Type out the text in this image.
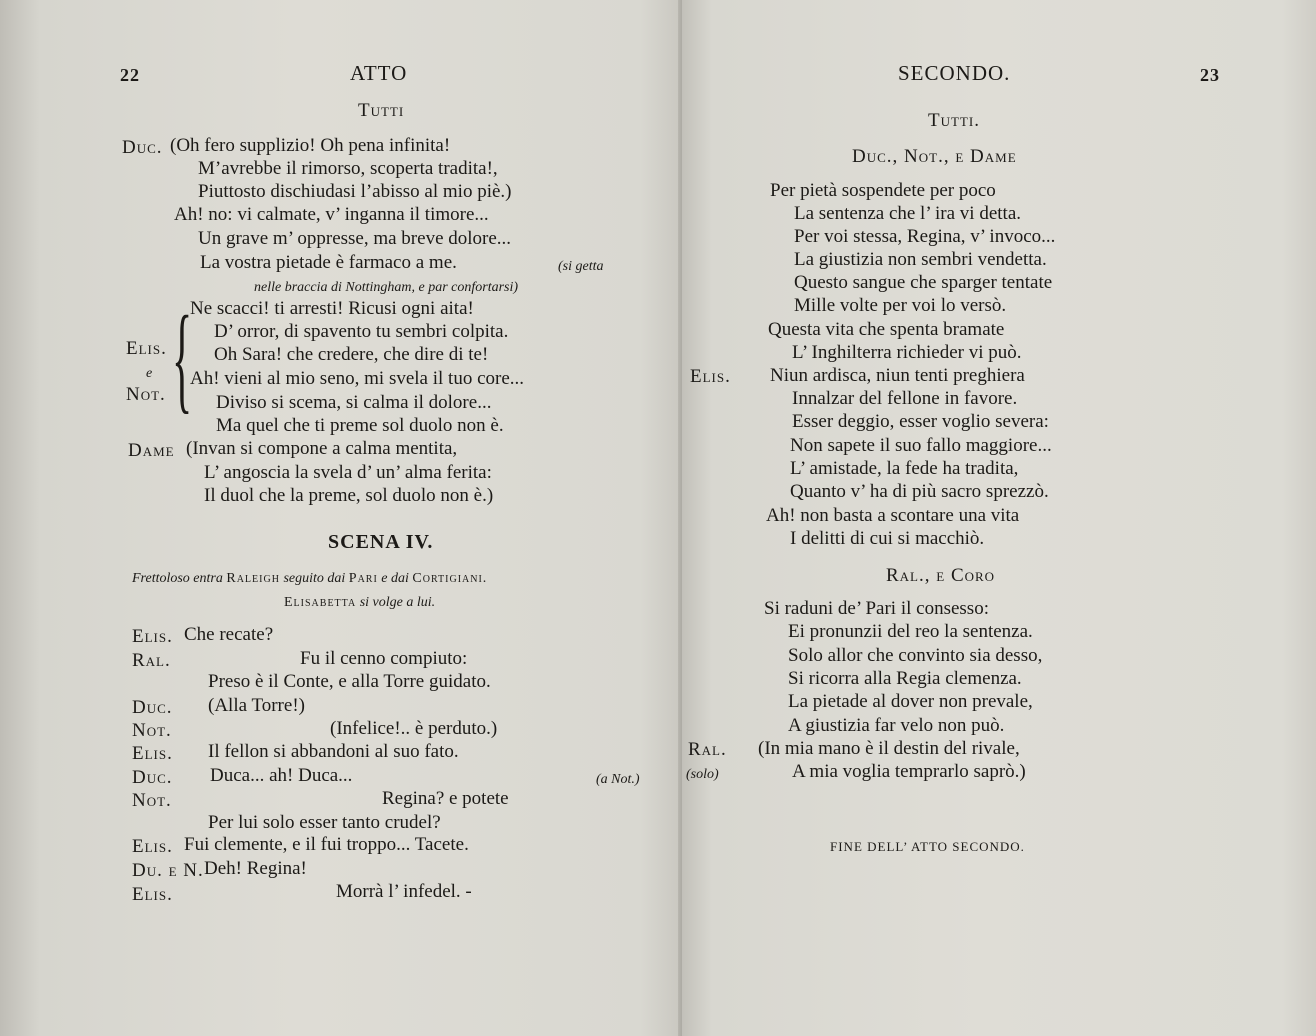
22	ATTO
Tutti
Duc. (Oh fero supplizio! Oh pena infinita!
M’avrebbe il rimorso, scoperta tradita!,
Piuttosto dischiudasi l’abisso al mio piè.)
Ah! no: vi calmate, v’ inganna il timore...
Un grave m’ oppresse, ma breve dolore...
La vostra pietade è farmaco a me.	(si getta
nelle braccia di Nottingham, e par confortarsi)
{
Ne scacci! ti arresti! Ricusi ogni aita!
D’ orror, di spavento tu sembri colpita.
Elis. Oh Sara! che credere, che dire di te!
e Ah! vieni al mio seno, mi svela il tuo core...
Not.	Diviso si scema, si calma il dolore...
Ma quel che ti preme sol duolo non è.
Dame (Invan si compone a calma mentita,
L’ angoscia la svela d’ un’ alma ferita:
Il duol che la preme, sol duolo non è.)
SCENA IV.
Frettoloso entra Raleigh seguito dai Pari e dai Cortigiani.
Elisabetta si volge a lui.
Elis. Che recate?
Ral.	Fu il cenno compiuto:
Preso è il Conte, e alla Torre guidato.
Duc. (Alla Torre!)
Not.	(Infelice!.. è perduto.)
Elis. Il fellon si abbandoni al suo fato.
Duc. Duca... ah! Duca...	(a Not.)
Not.	Regina? e potete
Per lui solo esser tanto crudel?
Elis. Fui clemente, e il fui troppo... Tacete.
Du. e N. Deh! Regina!
Elis.	Morrà l’ infedel. -
SECONDO.	23
Tutti.
Duc., Not., e Dame
Per pietà sospendete per poco
La sentenza che l’ ira vi detta.
Per voi stessa, Regina, v’ invoco...
La giustizia non sembri vendetta.
Questo sangue che sparger tentate
Mille volte per voi lo versò.
Questa vita che spenta bramate
L’ Inghilterra richieder vi può.
Elis. Niun ardisca, niun tenti preghiera
Innalzar del fellone in favore.
Esser deggio, esser voglio severa:
Non sapete il suo fallo maggiore...
L’ amistade, la fede ha tradita,
Quanto v’ ha di più sacro sprezzò.
Ah! non basta a scontare una vita
I delitti di cui si macchiò.
Ral., e Coro
Si raduni de’ Pari il consesso:
Ei pronunzii del reo la sentenza.
Solo allor che convinto sia desso,
Si ricorra alla Regia clemenza.
La pietade al dover non prevale,
A giustizia far velo non può.
Ral.
(solo)
(In mia mano è il destin del rivale,
A mia voglia temprarlo saprò.)
FINE DELL’ ATTO SECONDO.
